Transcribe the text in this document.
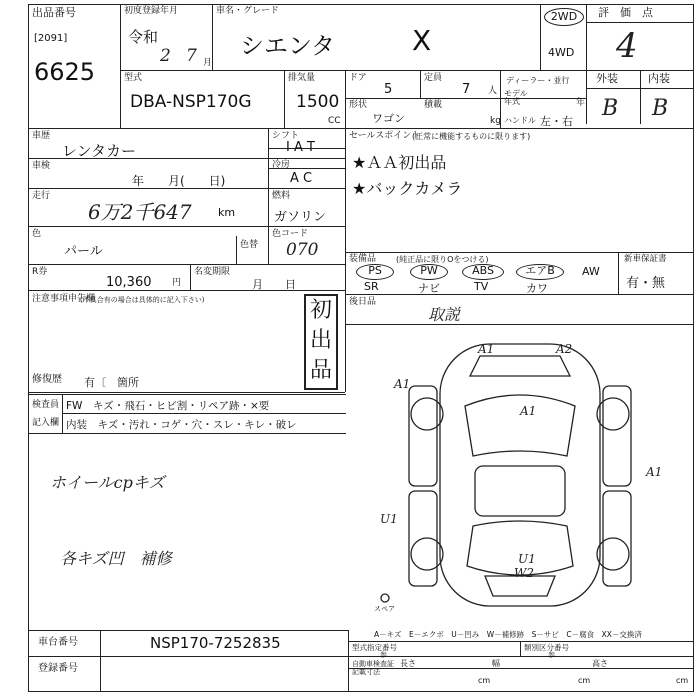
出品番号
[2091]
6625
初度登録年月
令和
2 7 月
車名・グレード
シエンタ	X
2WD
4WD
評　価　点
4
型式
DBA-NSP170G
排気量
1500
CC
ドア
5
定員
7 人
ディーラー・並行
形状
ワゴン
積載
kg
モデル年式	年
ハンドル 左・右
外装	内装
B B
車歴
レンタカー
車検
年　　月(　　日)
走行
6万2千647 km
色
パール	色替
R券
10,360 円
名変期限
月　　日
注意事項申告欄
(不具合有の場合は具体的に記入下さい)	初
出
品
修復歴 有〔　箇所
検査員
記入欄
FW　キズ・飛石・ヒビ割・リペア跡・×要
内装　キズ・汚れ・コゲ・穴・スレ・キレ・破レ
ホイールcpキズ
各キズ凹　補修
シフト
I A T
冷房
A C
燃料
ガソリン
色コード
070
セールスポイント
(正常に機能するものに限ります)
★ＡＡ初出品
★バックカメラ
装備品 (純正品に限りOをつける)
PS	PW	ABS	エアB	AW
SR	ナビ	TV	カワ
新車保証書
有・無
後日品
取説
A1	A2
A1
A1
A1
U1
U1
W2
スペア
A－キズ　E－エクボ　U－凹み　W－補修跡　S－サビ　C－腐食　XX－交換済
車台番号	NSP170-7252835
登録番号
型式指定番号
参
類別区分番号
参
自動車検査証記載寸法
長さ
cm
幅
cm
高さ
cm
